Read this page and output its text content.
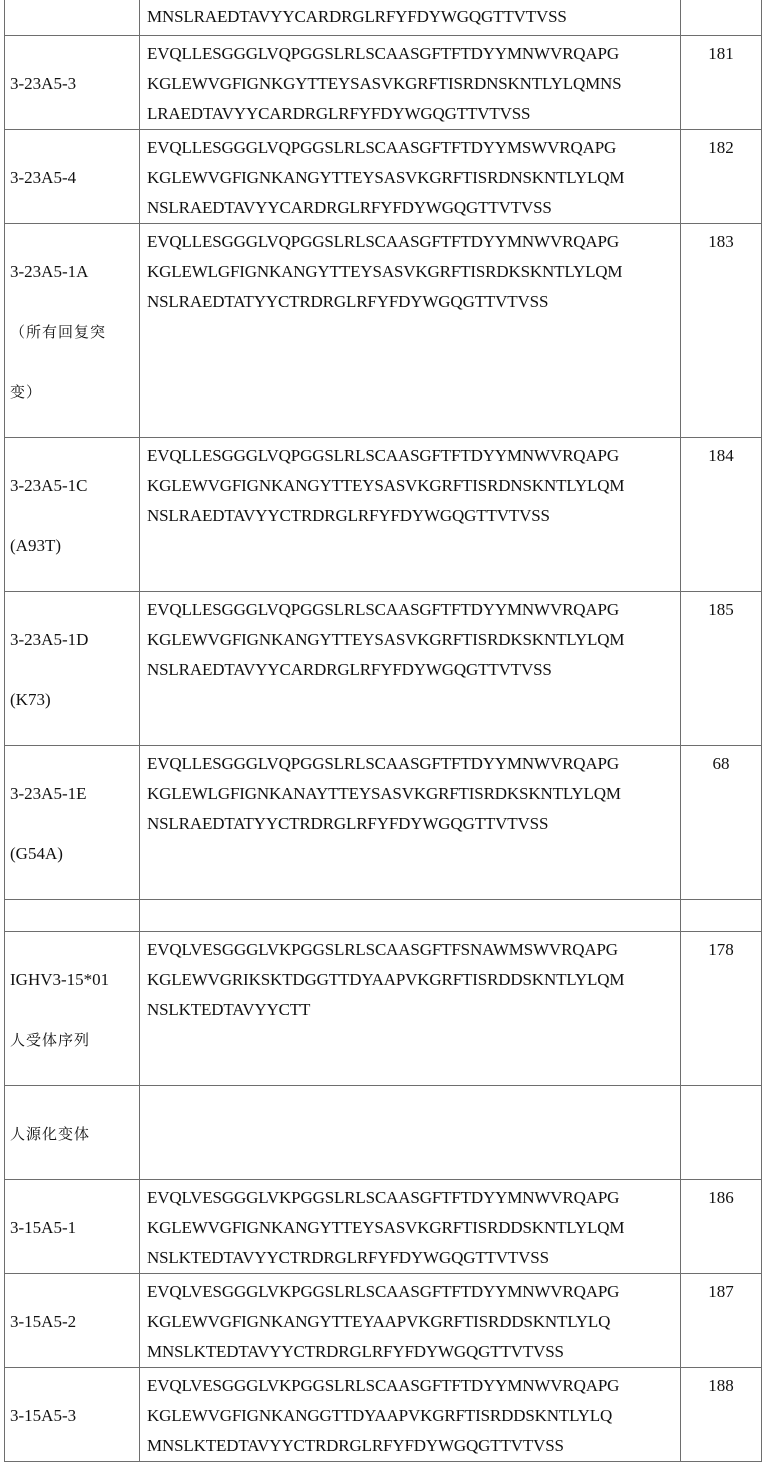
	MNSLRAEDTAVYYCARDRGLRFYFDYWGQGTTVTVSS	

3-23A5-3	EVQLLESGGGLVQPGGSLRLSCAASGFTFTDYYMNWVRQAPG
KGLEWVGFIGNKGYTTEYSASVKGRFTISRDNSKNTLYLQMNS
LRAEDTAVYYCARDRGLRFYFDYWGQGTTVTVSS	181

3-23A5-4	EVQLLESGGGLVQPGGSLRLSCAASGFTFTDYYMSWVRQAPG
KGLEWVGFIGNKANGYTTEYSASVKGRFTISRDNSKNTLYLQM
NSLRAEDTAVYYCARDRGLRFYFDYWGQGTTVTVSS	182

3-23A5-1A

（所有回复突

变）	EVQLLESGGGLVQPGGSLRLSCAASGFTFTDYYMNWVRQAPG
KGLEWLGFIGNKANGYTTEYSASVKGRFTISRDKSKNTLYLQM
NSLRAEDTATYYCTRDRGLRFYFDYWGQGTTVTVSS	183

3-23A5-1C

(A93T)	EVQLLESGGGLVQPGGSLRLSCAASGFTFTDYYMNWVRQAPG
KGLEWVGFIGNKANGYTTEYSASVKGRFTISRDNSKNTLYLQM
NSLRAEDTAVYYCTRDRGLRFYFDYWGQGTTVTVSS	184

3-23A5-1D

(K73)	EVQLLESGGGLVQPGGSLRLSCAASGFTFTDYYMNWVRQAPG
KGLEWVGFIGNKANGYTTEYSASVKGRFTISRDKSKNTLYLQM
NSLRAEDTAVYYCARDRGLRFYFDYWGQGTTVTVSS	185

3-23A5-1E

(G54A)	EVQLLESGGGLVQPGGSLRLSCAASGFTFTDYYMNWVRQAPG
KGLEWLGFIGNKANAYTTEYSASVKGRFTISRDKSKNTLYLQM
NSLRAEDTATYYCTRDRGLRFYFDYWGQGTTVTVSS	68

IGHV3-15*01

人受体序列	EVQLVESGGGLVKPGGSLRLSCAASGFTFSNAWMSWVRQAPG
KGLEWVGRIKSKTDGGTTDYAAPVKGRFTISRDDSKNTLYLQM
NSLKTEDTAVYYCTT	178

人源化变体		

3-15A5-1	EVQLVESGGGLVKPGGSLRLSCAASGFTFTDYYMNWVRQAPG
KGLEWVGFIGNKANGYTTEYSASVKGRFTISRDDSKNTLYLQM
NSLKTEDTAVYYCTRDRGLRFYFDYWGQGTTVTVSS	186

3-15A5-2	EVQLVESGGGLVKPGGSLRLSCAASGFTFTDYYMNWVRQAPG
KGLEWVGFIGNKANGYTTEYAAPVKGRFTISRDDSKNTLYLQ
MNSLKTEDTAVYYCTRDRGLRFYFDYWGQGTTVTVSS	187

3-15A5-3	EVQLVESGGGLVKPGGSLRLSCAASGFTFTDYYMNWVRQAPG
KGLEWVGFIGNKANGGTTDYAAPVKGRFTISRDDSKNTLYLQ
MNSLKTEDTAVYYCTRDRGLRFYFDYWGQGTTVTVSS	188
